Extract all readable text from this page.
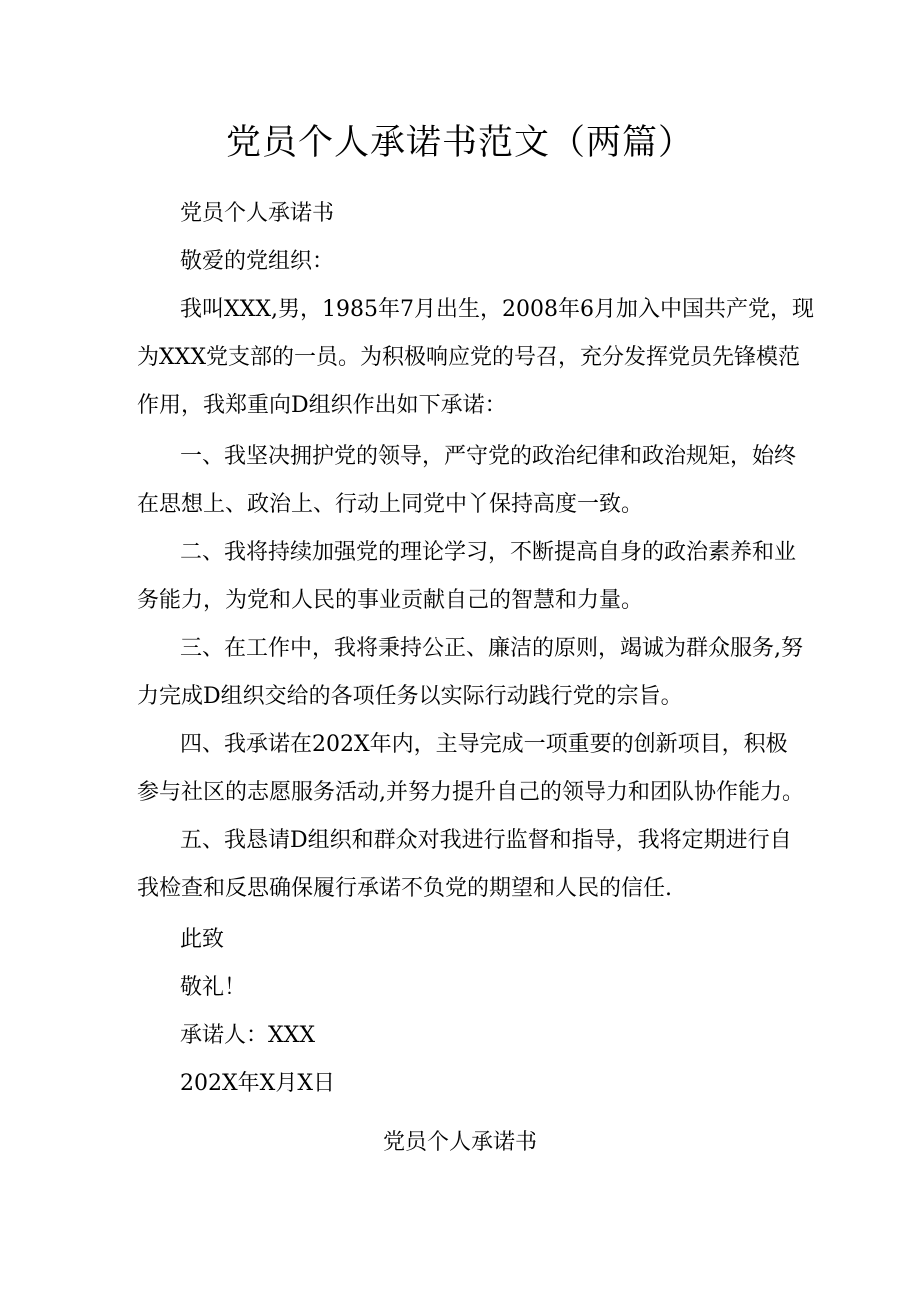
党员个人承诺书范文（两篇）

党员个人承诺书

敬爱的党组织：

我叫XXX,男，1985年7月出生，2008年6月加入中国共产党，现

为XXX党支部的一员。为积极响应党的号召，充分发挥党员先锋模范

作用，我郑重向D组织作出如下承诺：

一、我坚决拥护党的领导，严守党的政治纪律和政治规矩，始终

在思想上、政治上、行动上同党中丫保持高度一致。

二、我将持续加强党的理论学习，不断提高自身的政治素养和业

务能力，为党和人民的事业贡献自己的智慧和力量。

三、在工作中，我将秉持公正、廉洁的原则，竭诚为群众服务,努

力完成D组织交给的各项任务以实际行动践行党的宗旨。

四、我承诺在202X年内，主导完成一项重要的创新项目，积极

参与社区的志愿服务活动,并努力提升自己的领导力和团队协作能力。

五、我恳请D组织和群众对我进行监督和指导，我将定期进行自

我检查和反思确保履行承诺不负党的期望和人民的信任.

此致

敬礼！

承诺人：XXX

202X年X月X日

党员个人承诺书
